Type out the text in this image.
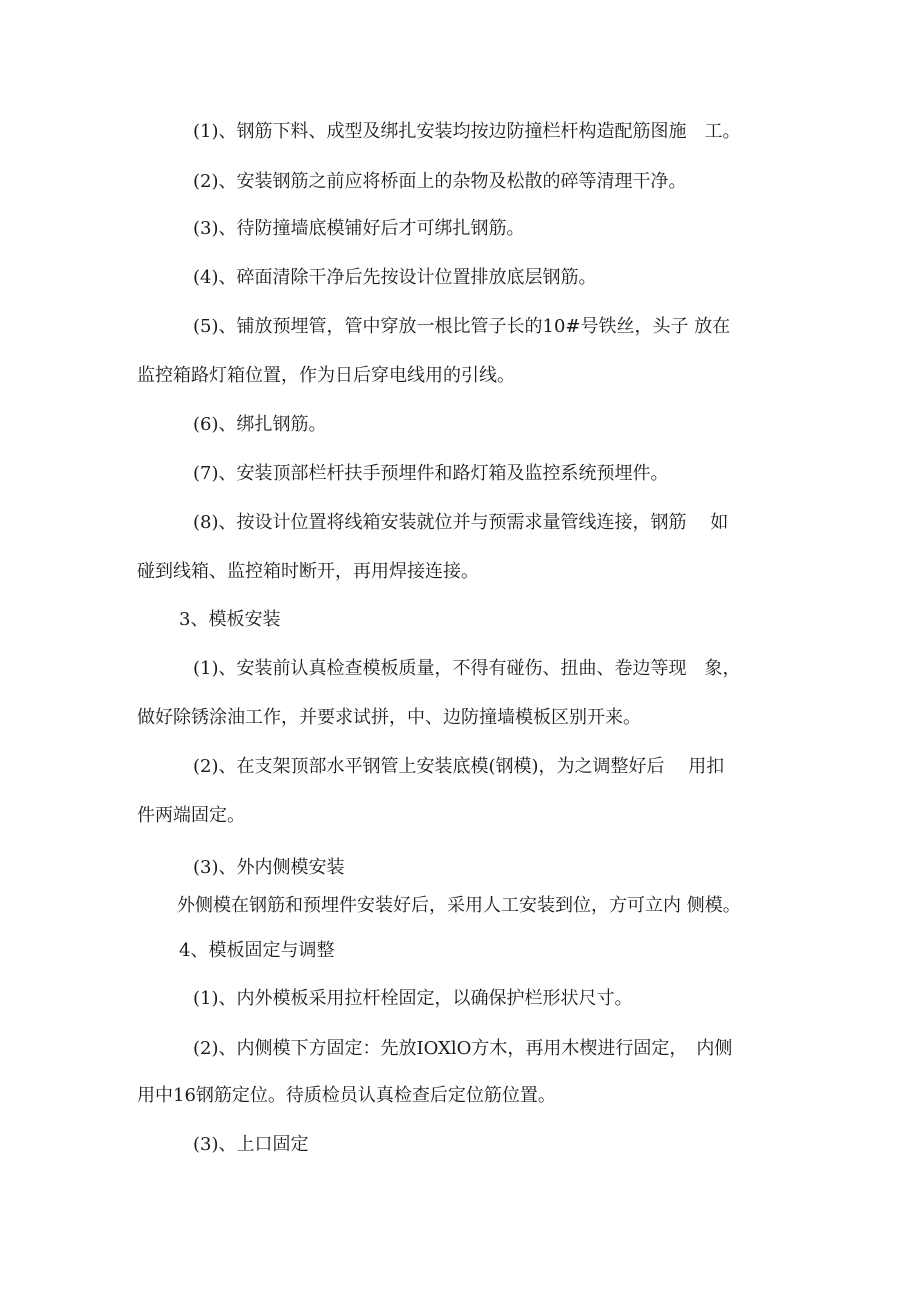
(1)、钢筋下料、成型及绑扎安装均按边防撞栏杆构造配筋图施　工。

(2)、安装钢筋之前应将桥面上的杂物及松散的碎等清理干净。

(3)、待防撞墙底模铺好后才可绑扎钢筋。

(4)、碎面清除干净后先按设计位置排放底层钢筋。

(5)、铺放预埋管，管中穿放一根比管子长的10#号铁丝，头子 放在

监控箱路灯箱位置，作为日后穿电线用的引线。

(6)、绑扎钢筋。

(7)、安装顶部栏杆扶手预埋件和路灯箱及监控系统预埋件。

(8)、按设计位置将线箱安装就位并与预需求量管线连接，钢筋　 如

碰到线箱、监控箱时断开，再用焊接连接。

3、模板安装

(1)、安装前认真检查模板质量，不得有碰伤、扭曲、卷边等现　象，

做好除锈涂油工作，并要求试拼，中、边防撞墙模板区别开来。

(2)、在支架顶部水平钢管上安装底模(钢模)，为之调整好后　 用扣

件两端固定。

(3)、外内侧模安装

外侧模在钢筋和预埋件安装好后，采用人工安装到位，方可立内 侧模。

4、模板固定与调整

(1)、内外模板采用拉杆栓固定，以确保护栏形状尺寸。

(2)、内侧模下方固定：先放IOXlO方木，再用木楔进行固定，　内侧

用中16钢筋定位。待质检员认真检查后定位筋位置。

(3)、上口固定
